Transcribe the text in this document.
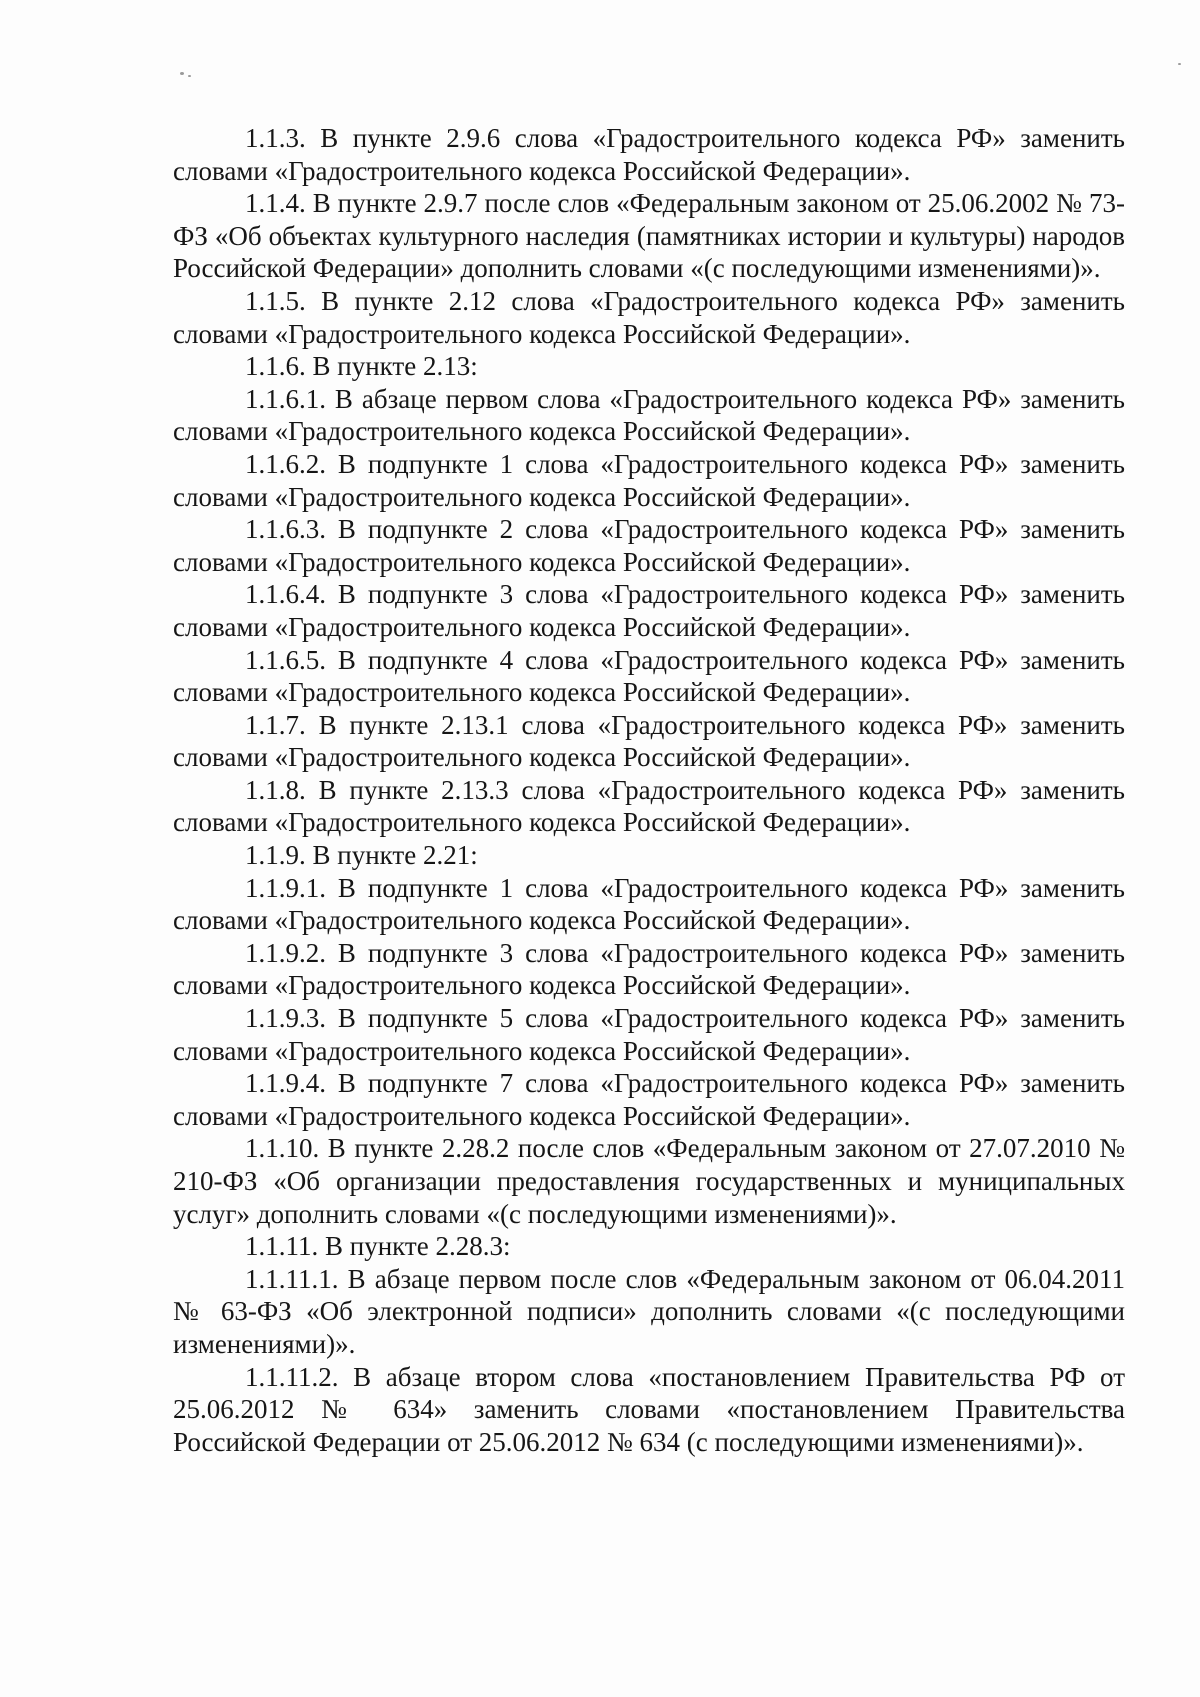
1.1.3. В пункте 2.9.6 слова «Градостроительного кодекса РФ» заменить словами «Градостроительного кодекса Российской Федерации».

1.1.4. В пункте 2.9.7 после слов «Федеральным законом от 25.06.2002 № 73-ФЗ «Об объектах культурного наследия (памятниках истории и культуры) народов Российской Федерации» дополнить словами «(с последующими изменениями)».

1.1.5. В пункте 2.12 слова «Градостроительного кодекса РФ» заменить словами «Градостроительного кодекса Российской Федерации».

1.1.6. В пункте 2.13:

1.1.6.1. В абзаце первом слова «Градостроительного кодекса РФ» заменить словами «Градостроительного кодекса Российской Федерации».

1.1.6.2. В подпункте 1 слова «Градостроительного кодекса РФ» заменить словами «Градостроительного кодекса Российской Федерации».

1.1.6.3. В подпункте 2 слова «Градостроительного кодекса РФ» заменить словами «Градостроительного кодекса Российской Федерации».

1.1.6.4. В подпункте 3 слова «Градостроительного кодекса РФ» заменить словами «Градостроительного кодекса Российской Федерации».

1.1.6.5. В подпункте 4 слова «Градостроительного кодекса РФ» заменить словами «Градостроительного кодекса Российской Федерации».

1.1.7. В пункте 2.13.1 слова «Градостроительного кодекса РФ» заменить словами «Градостроительного кодекса Российской Федерации».

1.1.8. В пункте 2.13.3 слова «Градостроительного кодекса РФ» заменить словами «Градостроительного кодекса Российской Федерации».

1.1.9. В пункте 2.21:

1.1.9.1. В подпункте 1 слова «Градостроительного кодекса РФ» заменить словами «Градостроительного кодекса Российской Федерации».

1.1.9.2. В подпункте 3 слова «Градостроительного кодекса РФ» заменить словами «Градостроительного кодекса Российской Федерации».

1.1.9.3. В подпункте 5 слова «Градостроительного кодекса РФ» заменить словами «Градостроительного кодекса Российской Федерации».

1.1.9.4. В подпункте 7 слова «Градостроительного кодекса РФ» заменить словами «Градостроительного кодекса Российской Федерации».

1.1.10. В пункте 2.28.2 после слов «Федеральным законом от 27.07.2010 № 210-ФЗ «Об организации предоставления государственных и муниципальных услуг» дополнить словами «(с последующими изменениями)».

1.1.11. В пункте 2.28.3:

1.1.11.1. В абзаце первом после слов «Федеральным законом от 06.04.2011 № 63-ФЗ «Об электронной подписи» дополнить словами «(с последующими изменениями)».

1.1.11.2. В абзаце втором слова «постановлением Правительства РФ от 25.06.2012 № 634» заменить словами «постановлением Правительства Российской Федерации от 25.06.2012 № 634 (с последующими изменениями)».
